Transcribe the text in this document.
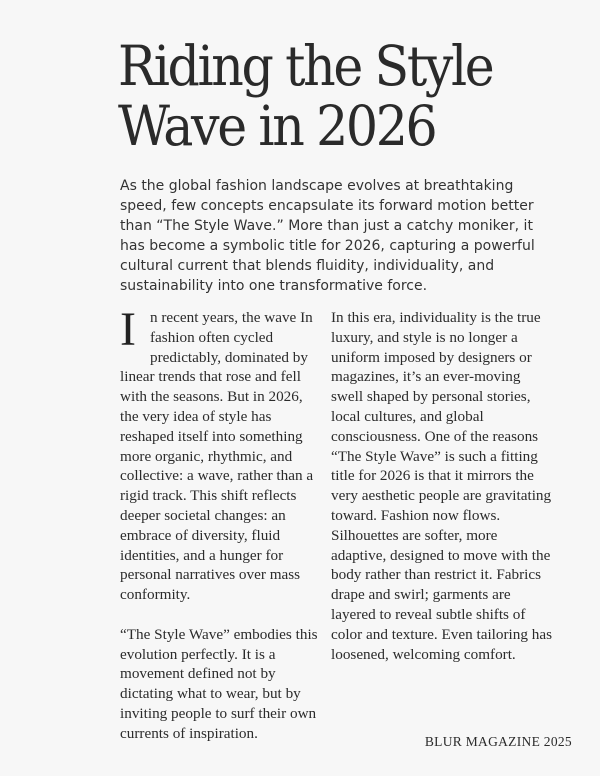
Riding the Style Wave in 2026

As the global fashion landscape evolves at breathtaking speed, few concepts encapsulate its forward motion better than “The Style Wave.” More than just a catchy moniker, it has become a symbolic title for 2026, capturing a powerful cultural current that blends fluidity, individuality, and sustainability into one transformative force.

In recent years, the wave In fashion often cycled predictably, dominated by linear trends that rose and fell with the seasons. But in 2026, the very idea of style has reshaped itself into something more organic, rhythmic, and collective: a wave, rather than a rigid track. This shift reflects deeper societal changes: an embrace of diversity, fluid identities, and a hunger for personal narratives over mass conformity.

“The Style Wave” embodies this evolution perfectly. It is a movement defined not by dictating what to wear, but by inviting people to surf their own currents of inspiration.

In this era, individuality is the true luxury, and style is no longer a uniform imposed by designers or magazines, it’s an ever-moving swell shaped by personal stories, local cultures, and global consciousness. One of the reasons “The Style Wave” is such a fitting title for 2026 is that it mirrors the very aesthetic people are gravitating toward. Fashion now flows. Silhouettes are softer, more adaptive, designed to move with the body rather than restrict it. Fabrics drape and swirl; garments are layered to reveal subtle shifts of color and texture. Even tailoring has loosened, welcoming comfort.

BLUR MAGAZINE 2025
